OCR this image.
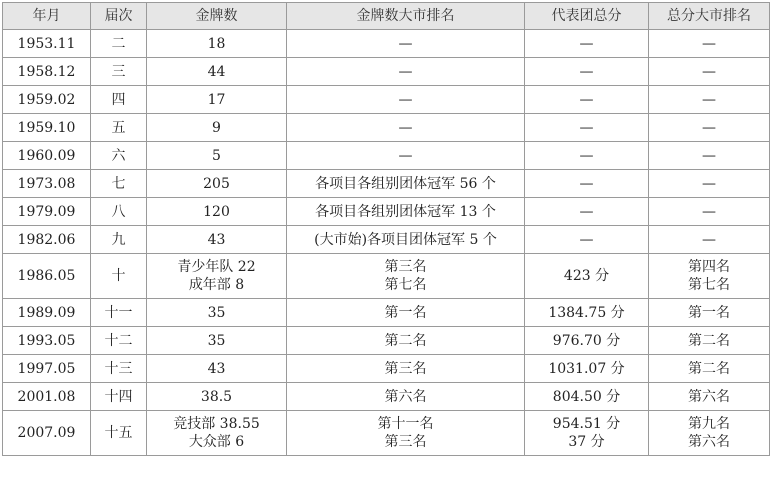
年月	届次	金牌数	金牌数大市排名	代表团总分	总分大市排名
1953.11	二	18	—	—	—

1958.12	三	44	—	—	—

1959.02	四	17	—	—	—

1959.10	五	9	—	—	—

1960.09	六	5	—	—	—

1973.08	七	205	各项目各组别团体冠军 56 个	—	—

1979.09	八	120	各项目各组别团体冠军 13 个	—	—

1982.06	九	43	(大市始)各项目团体冠军 5 个	—	—

1986.05	十	青少年队 22
成年部 8	第三名
第七名	423 分	第四名
第七名

1989.09	十一	35	第一名	1384.75 分	第一名

1993.05	十二	35	第二名	976.70 分	第二名

1997.05	十三	43	第三名	1031.07 分	第二名

2001.08	十四	38.5	第六名	804.50 分	第六名

2007.09	十五	竞技部 38.55
大众部 6	第十一名
第三名	954.51 分
37 分	第九名
第六名
